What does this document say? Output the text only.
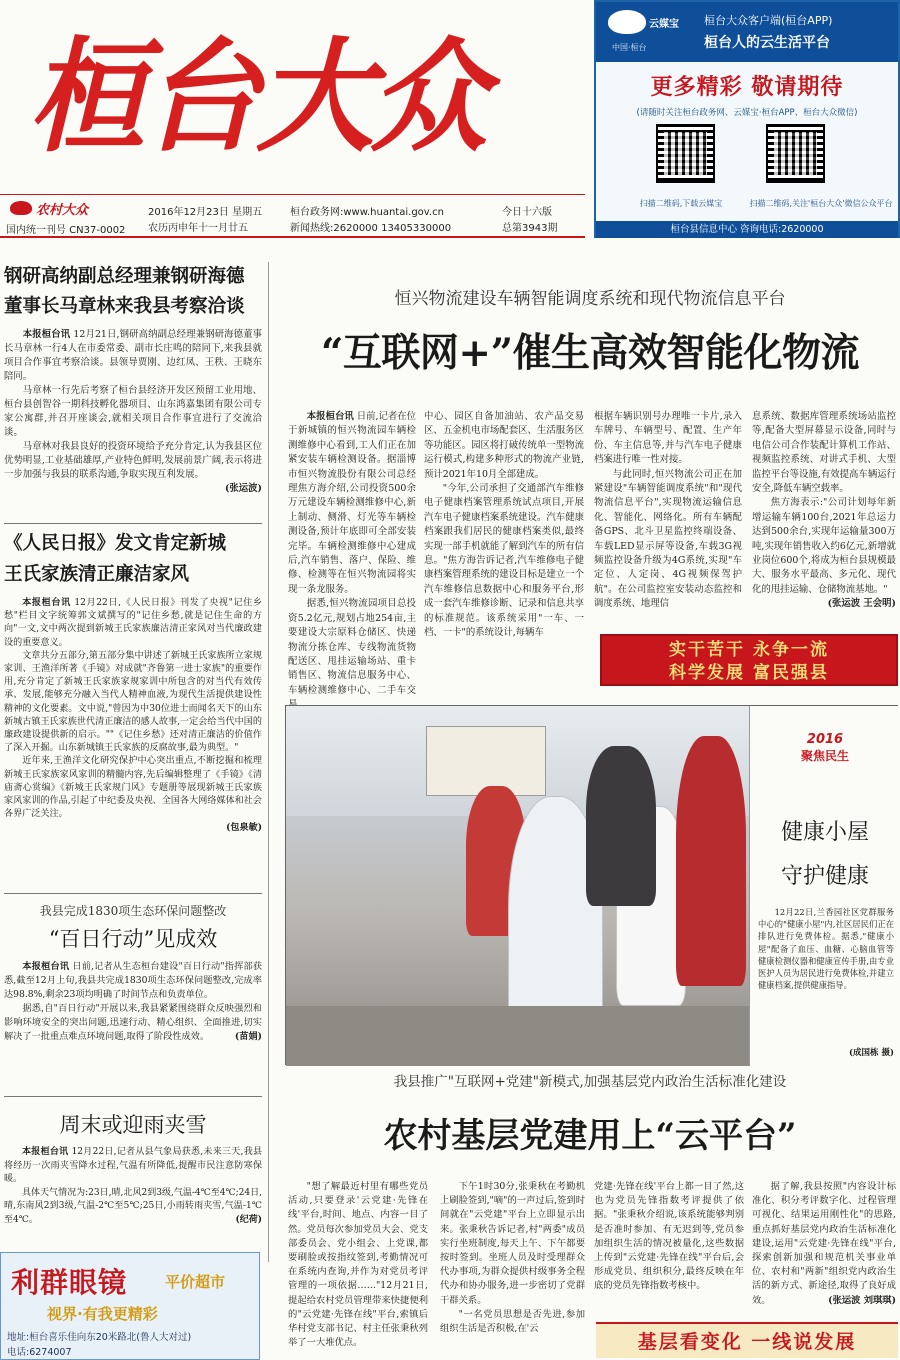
桓台大众
农村大众
国内统一刊号 CN37-0002
2016年12月23日 星期五
农历丙申年十一月廿五
桓台政务网:www.huantai.gov.cn
新闻热线:2620000 13405330000
今日十六版
总第3943期
云媒宝
中国·桓台
桓台大众客户端(桓台APP)
桓台人的云生活平台
更多精彩 敬请期待
(请随时关注桓台政务网、云媒宝·桓台APP、桓台大众微信)
扫描二维码,下载云媒宝	扫描二维码,关注'桓台大众'微信公众平台
桓台县信息中心 咨询电话:2620000
钢研高纳副总经理兼钢研海德
董事长马章林来我县考察洽谈

本报桓台讯 12月21日,钢研高纳副总经理兼钢研海德董事长马章林一行4人在市委常委、副市长庄鸣的陪同下,来我县就项目合作事宜考察洽谈。县领导贾刚、边红凤、王秩、王晓东陪同。

马章林一行先后考察了桓台县经济开发区预留工业用地、桓台县创智谷一期科技孵化器项目、山东鸿嘉集团有限公司专家公寓群,并召开座谈会,就相关项目合作事宜进行了交流洽谈。

马章林对我县良好的投资环境给予充分肯定,认为我县区位优势明显,工业基础雄厚,产业特色鲜明,发展前景广阔,表示将进一步加强与我县的联系沟通,争取实现互利发展。

(张运波)
《人民日报》发文肯定新城
王氏家族清正廉洁家风

本报桓台讯 12月22日,《人民日报》刊发了央视"记住乡愁"栏目文字统筹郭文斌撰写的"记住乡愁,就是记住生命的方向"一文,文中两次提到新城王氏家族廉洁清正家风对当代廉政建设的重要意义。

文章共分五部分,第五部分集中讲述了新城王氏家族所立家规家训、王渔洋所著《手镜》对成就"齐鲁第一进士家族"的重要作用,充分肯定了新城王氏家族家规家训中所包含的对当代有效传承、发展,能够充分融入当代人精神血液,为现代生活提供建设性精神的文化要素。文中说,"曾因为中30位进士而闻名天下的山东新城古镇王氏家族世代清正廉洁的感人故事,一定会给当代中国的廉政建设提供新的启示。""《记住乡愁》还对清正廉洁的价值作了深入开掘。山东新城镇王氏家族的反腐故事,最为典型。"

近年来,王渔洋文化研究保护中心突出重点,不断挖掘和梳理新城王氏家族家风家训的精髓内容,先后编辑整理了《手镜》《清庙斋心赏编》《新城王氏家规门风》专题册等展现新城王氏家族家风家训的作品,引起了中纪委及央视、全国各大网络媒体和社会各界广泛关注。

(包泉敏)
我县完成1830项生态环保问题整改
“百日行动”见成效

本报桓台讯 日前,记者从生态桓台建设"百日行动"指挥部获悉,截至12月上旬,我县共完成1830项生态环保问题整改,完成率达98.8%,剩余23项均明确了时间节点和负责单位。

据悉,自"百日行动"开展以来,我县紧紧围绕群众反映强烈和影响环境安全的突出问题,迅速行动、精心组织、全面推进,切实解决了一批重点难点环境问题,取得了阶段性成效。	(苗娟)
周末或迎雨夹雪

本报桓台讯 12月22日,记者从县气象局获悉,未来三天,我县将经历一次雨夹雪降水过程,气温有所降低,提醒市民注意防寒保暖。

具体天气情况为:23日,晴,北风2到3级,气温-4℃至4℃;24日,晴,东南风2到3级,气温-2℃至5℃;25日,小雨转雨夹雪,气温-1℃至4℃。	(纪荷)
利群眼镜	平价超市
视界·有我更精彩
地址:桓台喜乐佳向东20米路北(鲁人大对过)
电话:6274007
恒兴物流建设车辆智能调度系统和现代物流信息平台
“互联网+”催生高效智能化物流

本报桓台讯 日前,记者在位于新城镇的恒兴物流园车辆检测维修中心看到,工人们正在加紧安装车辆检测设备。据淄博市恒兴物流股份有限公司总经理焦方海介绍,公司投资500余万元建设车辆检测维修中心,新上制动、侧滑、灯光等车辆检测设备,预计年底即可全部安装完毕。车辆检测维修中心建成后,汽车销售、落户、保险、维修、检测等在恒兴物流园将实现一条龙服务。

据悉,恒兴物流园项目总投资5.2亿元,规划占地254亩,主要建设大宗原料仓储区、快递物流分拣仓库、专线物流货物配送区、甩挂运输场站、重卡销售区、物流信息服务中心、车辆检测维修中心、二手车交

中心、园区自备加油站、农产品交易区、五金机电市场配套区、生活服务区等功能区。园区将打破传统单一型物流运行模式,构建多种形式的物流产业链,预计2021年10月全部建成。

"今年,公司承担了交通部汽车维修电子健康档案管理系统试点项目,开展汽车电子健康档案系统建设。汽车健康档案跟我们居民的健康档案类似,最终实现一部手机就能了解到汽车的所有信息。"焦方海告诉记者,汽车维修电子健康档案管理系统的建设目标是建立一个汽车维修信息数据中心和服务平台,形成一套汽车维修诊断、记录和信息共享的标准规范。该系统采用"一车、一档、一卡"的系统设计,每辆车

根据车辆识别号办理唯一卡片,录入车牌号、车辆型号、配置、生产年份、车主信息等,并与汽车电子健康档案进行唯一性对接。

与此同时,恒兴物流公司正在加紧建设"车辆智能调度系统"和"现代物流信息平台",实现物流运输信息化、智能化、网络化。所有车辆配备GPS、北斗卫星监控终端设备、车载LED显示屏等设备,车载3G视频监控设备升级为4G系统,实现"车定位、人定岗、4G视频保驾护航"。在公司监控室安装动态监控和调度系统、地理信

息系统、数据库管理系统场站监控等,配备大型屏幕显示设备,同时与电信公司合作装配计算机工作站、视频监控系统、对讲式手机、大型监控平台等设施,有效提高车辆运行安全,降低车辆空载率。

焦方海表示:"公司计划每年新增运输车辆100台,2021年总运力达到500余台,实现年运输量300万吨,实现年销售收入约6亿元,新增就业岗位600个,将成为桓台县规模最大、服务水平最高、多元化、现代化的甩挂运输、仓储物流基地。"

(张运波 王会明)
实干苦干 永争一流
科学发展 富民强县
2016
聚焦民生
健康小屋
守护健康

12月22日,兰香园社区党群服务中心的"健康小屋"内,社区居民们正在排队进行免费体检。据悉,"健康小屋"配备了血压、血糖、心脑血管等健康检测仪器和健康宣传手册,由专业医护人员为居民进行免费体检,并建立健康档案,提供健康指导。

(成国栋 摄)
我县推广"互联网+党建"新模式,加强基层党内政治生活标准化建设
农村基层党建用上“云平台”

"想了解最近村里有哪些党员活动,只要登录'云党建·先锋在线'平台,时间、地点、内容一目了然。党员每次参加党员大会、党支部委员会、党小组会、上党课,都要刷脸或按指纹签到,考勤情况可在系统内查询,并作为对党员考评管理的一项依据……"12月21日,提起给农村党员管理带来快捷便利的"云党建·先锋在线"平台,索镇后华村党支部书记、村主任张秉秋列举了一大堆优点。

下午1时30分,张秉秋在考勤机上刷脸签到,"嘀"的一声过后,签到时间就在"云党建"平台上立即显示出来。张秉秋告诉记者,村"两委"成员实行坐班制度,每天上午、下午都要按时签到。坐班人员及时受理群众代办事项,为群众提供村级事务全程代办和协办服务,进一步密切了党群干群关系。

"一名党员思想是否先进,参加组织生活是否积极,在'云

党建·先锋在线'平台上都一目了然,这也为党员先锋指数考评提供了依据。"张秉秋介绍说,该系统能够判别是否准时参加、有无迟到等,党员参加组织生活的情况被量化,这些数据上传到"云党建·先锋在线"平台后,会形成党员、组织积分,最终反映在年底的党员先锋指数考核中。

据了解,我县按照"内容设计标准化、积分考评数字化、过程管理可视化、结果运用刚性化"的思路,重点抓好基层党内政治生活标准化建设,运用"云党建·先锋在线"平台,探索创新加强和规范机关事业单位、农村和"两新"组织党内政治生活的新方式、新途径,取得了良好成效。	(张运波 刘琪琪)
基层看变化 一线说发展
